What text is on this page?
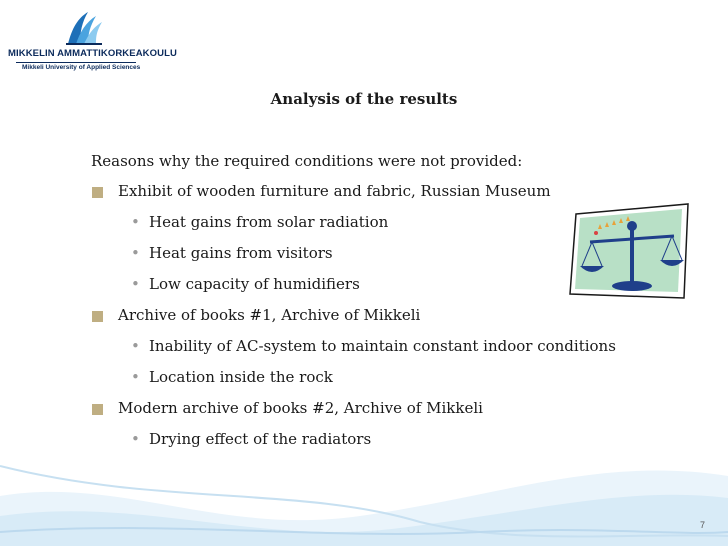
MIKKELIN AMMATTIKORKEAKOULU
Mikkeli University of Applied Sciences
Analysis of the results
Reasons why the required conditions were not provided:
Exhibit of wooden furniture and fabric, Russian Museum
• Heat gains from solar radiation
• Heat gains from visitors
• Low capacity of humidifiers
Archive of books #1, Archive of Mikkeli
• Inability of AC-system to maintain constant indoor conditions
• Location inside the rock
Modern archive of books #2, Archive of Mikkeli
• Drying effect of the radiators
7
